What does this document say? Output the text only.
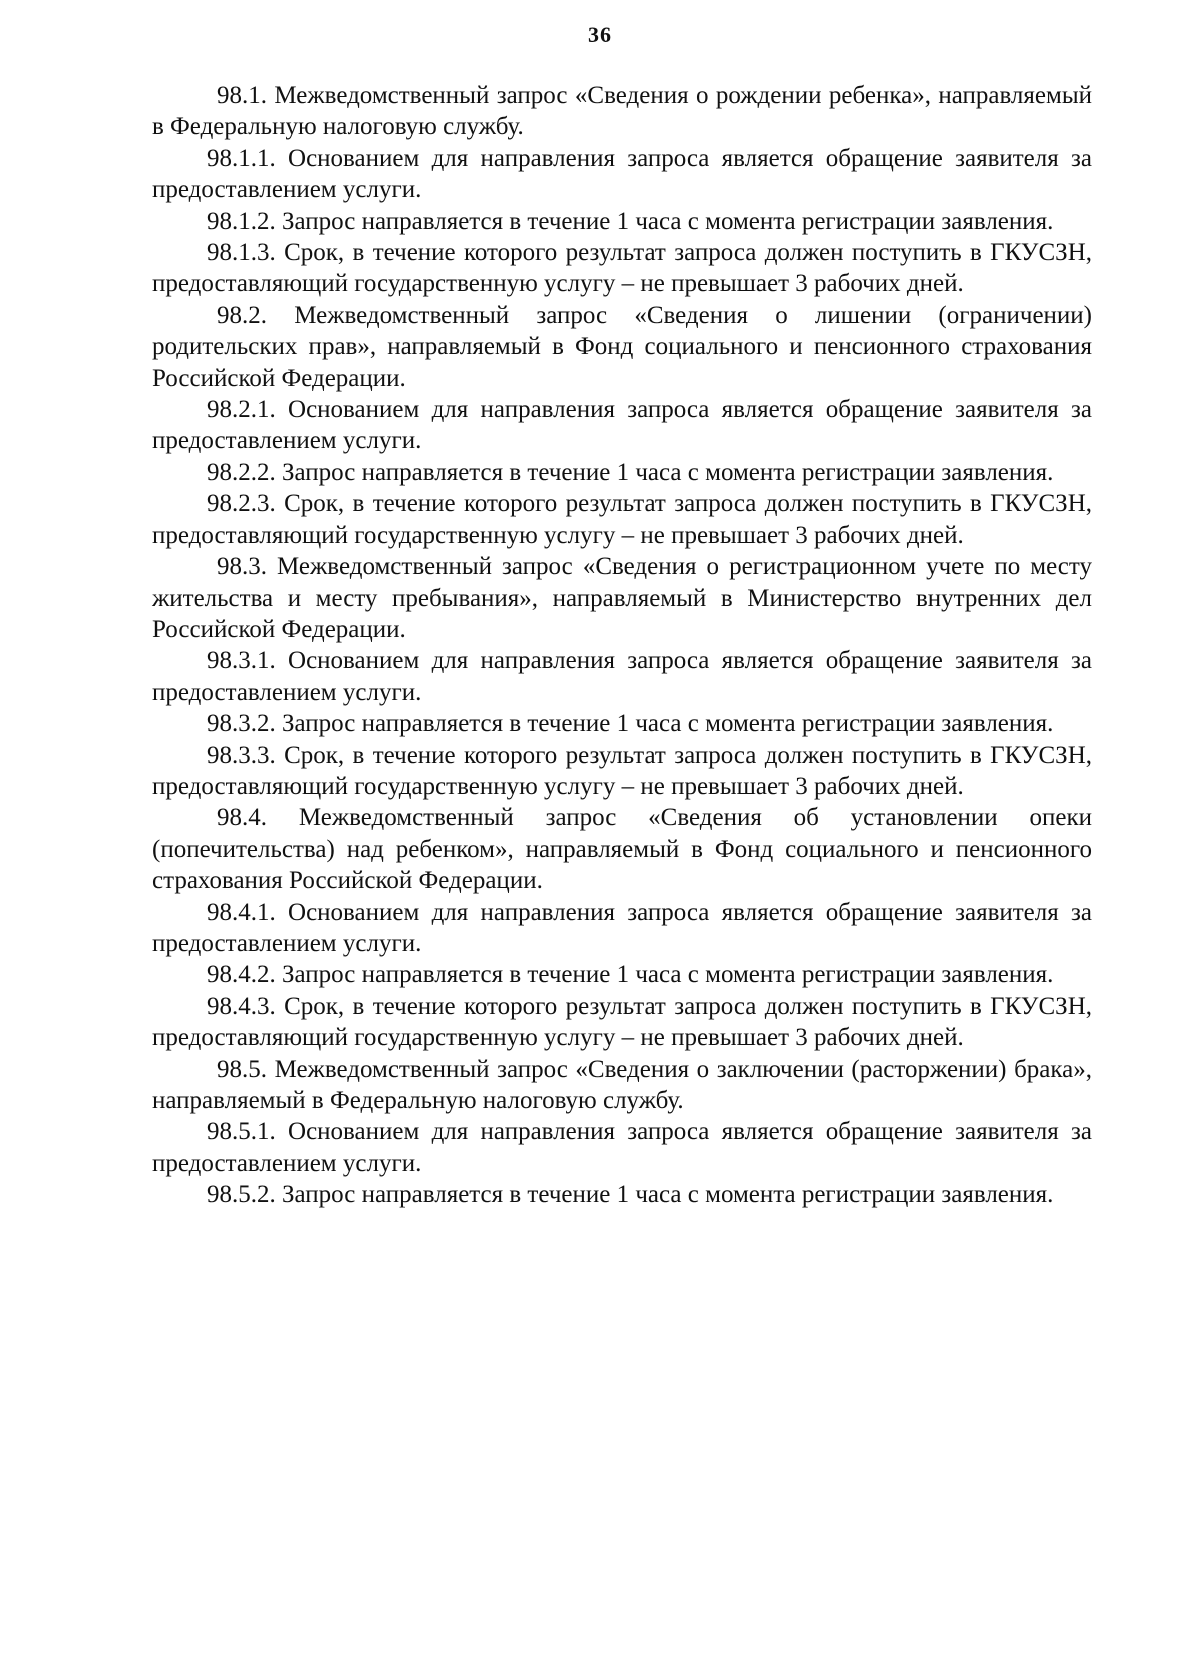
36

98.1. Межведомственный запрос «Сведения о рождении ребенка», направляемый в Федеральную налоговую службу.

98.1.1. Основанием для направления запроса является обращение заявителя за предоставлением услуги.

98.1.2. Запрос направляется в течение 1 часа с момента регистрации заявления.

98.1.3. Срок, в течение которого результат запроса должен поступить в ГКУСЗН, предоставляющий государственную услугу – не превышает 3 рабочих дней.

98.2. Межведомственный запрос «Сведения о лишении (ограничении) родительских прав», направляемый в Фонд социального и пенсионного страхования Российской Федерации.

98.2.1. Основанием для направления запроса является обращение заявителя за предоставлением услуги.

98.2.2. Запрос направляется в течение 1 часа с момента регистрации заявления.

98.2.3. Срок, в течение которого результат запроса должен поступить в ГКУСЗН, предоставляющий государственную услугу – не превышает 3 рабочих дней.

98.3. Межведомственный запрос «Сведения о регистрационном учете по месту жительства и месту пребывания», направляемый в Министерство внутренних дел Российской Федерации.

98.3.1. Основанием для направления запроса является обращение заявителя за предоставлением услуги.

98.3.2. Запрос направляется в течение 1 часа с момента регистрации заявления.

98.3.3. Срок, в течение которого результат запроса должен поступить в ГКУСЗН, предоставляющий государственную услугу – не превышает 3 рабочих дней.

98.4. Межведомственный запрос «Сведения об установлении опеки (попечительства) над ребенком», направляемый в Фонд социального и пенсионного страхования Российской Федерации.

98.4.1. Основанием для направления запроса является обращение заявителя за предоставлением услуги.

98.4.2. Запрос направляется в течение 1 часа с момента регистрации заявления.

98.4.3. Срок, в течение которого результат запроса должен поступить в ГКУСЗН, предоставляющий государственную услугу – не превышает 3 рабочих дней.

98.5. Межведомственный запрос «Сведения о заключении (расторжении) брака», направляемый в Федеральную налоговую службу.

98.5.1. Основанием для направления запроса является обращение заявителя за предоставлением услуги.

98.5.2. Запрос направляется в течение 1 часа с момента регистрации заявления.
